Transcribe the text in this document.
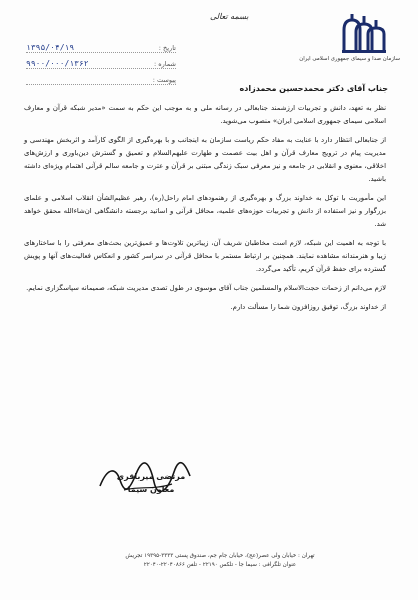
سازمان صدا و سیمای جمهوری اسلامی ایران
بسمه تعالی
تاریخ :
۱۳۹۵/۰۴/۱۹
شماره :
۹۹۰۰/۰۰۰/۱۳۶۲
پیوست :
جناب آقای دکتر محمدحسین محمدزاده

نظر به تعهد، دانش و تجربیات ارزشمند جنابعالی در رسانه ملی و به موجب این حکم به سمت «مدیر شبکه قرآن و معارف اسلامی سیمای جمهوری اسلامی ایران» منصوب می‌شوید.

از جنابعالی انتظار دارد با عنایت به مفاد حکم ریاست سازمان به اینجانب و با بهره‌گیری از الگوی کارآمد و اثربخش مهندسی و مدیریت پیام در ترویج معارف قرآن و اهل بیت عصمت و طهارت علیهم‌السلام و تعمیق و گسترش دین‌باوری و ارزش‌های اخلاقی، معنوی و انقلابی در جامعه و نیز معرفی سبک زندگی مبتنی بر قرآن و عترت و جامعه سالم قرآنی اهتمام ویژه‌ای داشته باشید.

این مأموریت با توکل به خداوند بزرگ و بهره‌گیری از رهنمودهای امام راحل(ره)، رهبر عظیم‌الشأن انقلاب اسلامی و علمای بزرگوار و نیز استفاده از دانش و تجربیات حوزه‌های علمیه، محافل قرآنی و اساتید برجسته دانشگاهی ان‌شاءالله محقق خواهد شد.

با توجه به اهمیت این شبکه، لازم است مخاطبان شریف آن، زیباترین تلاوت‌ها و عمیق‌ترین بحث‌های معرفتی را با ساختارهای زیبا و هنرمندانه مشاهده نمایند. همچنین بر ارتباط مستمر با محافل قرآنی در سراسر کشور و انعکاس فعالیت‌های آنها و پویش گسترده برای حفظ قرآن کریم، تأکید می‌گردد.

لازم می‌دانم از زحمات حجت‌الاسلام والمسلمین جناب آقای موسوی در طول تصدی مدیریت شبکه، صمیمانه سپاسگزاری نمایم.

از خداوند بزرگ، توفیق روزافزون شما را مسألت دارم.

مرتضی میرباقری
معاون سیما
تهران : خیابان ولی عصر(عج)، خیابان جام جم، صندوق پستی ۳۳۳۳-۱۹۳۹۵ تجریش
عنوان تلگرافی : سیما جا - تلکس ۲۲۱۹۰ - تلفن ۲۲۰۴۰۸۶۶-۲۲۰۴۰
